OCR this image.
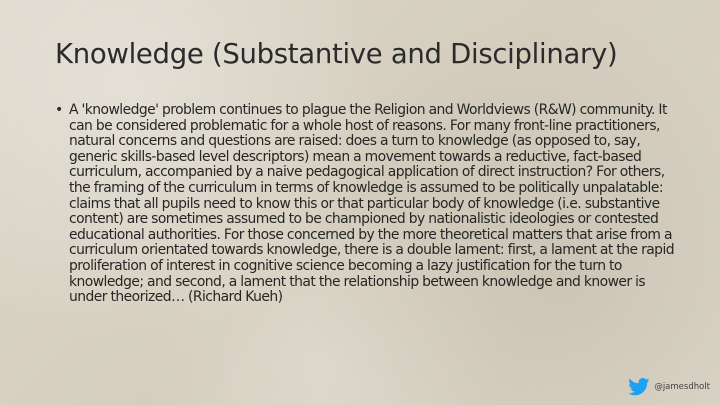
Knowledge (Substantive and Disciplinary)
• A 'knowledge' problem continues to plague the Religion and Worldviews (R&W) community. It can be considered problematic for a whole host of reasons. For many front-line practitioners, natural concerns and questions are raised: does a turn to knowledge (as opposed to, say, generic skills-based level descriptors) mean a movement towards a reductive, fact-based curriculum, accompanied by a naive pedagogical application of direct instruction? For others, the framing of the curriculum in terms of knowledge is assumed to be politically unpalatable: claims that all pupils need to know this or that particular body of knowledge (i.e. substantive content) are sometimes assumed to be championed by nationalistic ideologies or contested educational authorities. For those concerned by the more theoretical matters that arise from a curriculum orientated towards knowledge, there is a double lament: first, a lament at the rapid proliferation of interest in cognitive science becoming a lazy justification for the turn to knowledge; and second, a lament that the relationship between knowledge and knower is under theorized… (Richard Kueh)
@jamesdholt
